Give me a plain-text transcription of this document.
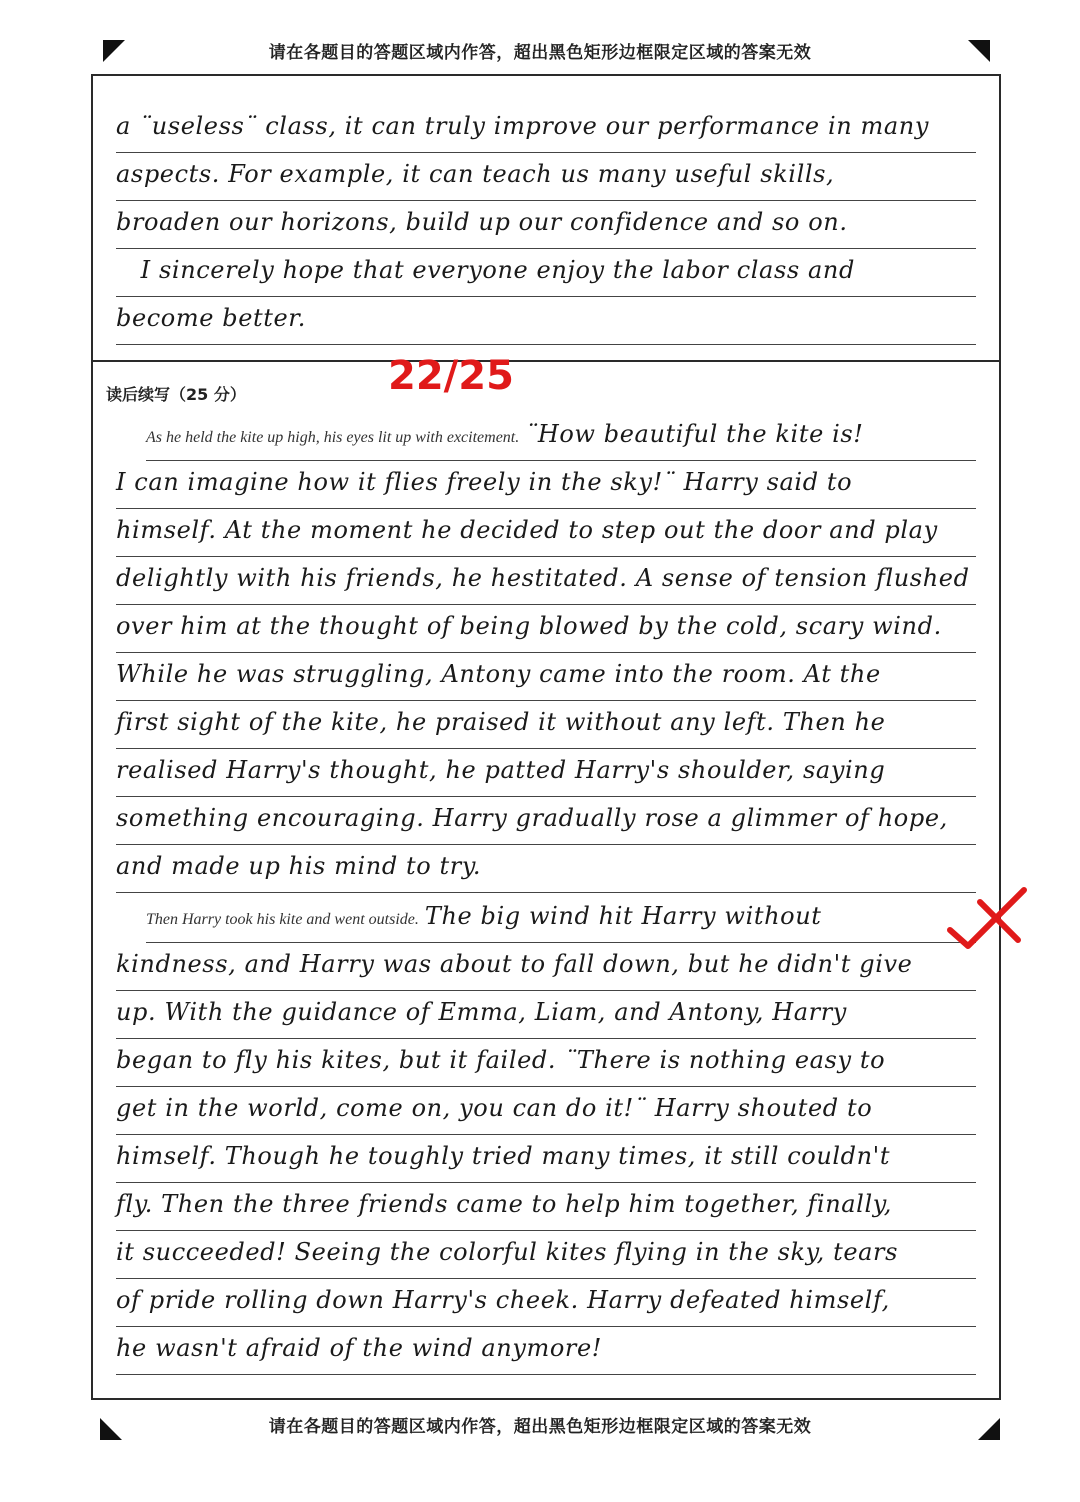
请在各题目的答题区域内作答，超出黑色矩形边框限定区域的答案无效
a ¨useless¨ class, it can truly improve our performance in many
aspects. For example, it can teach us many useful skills,
broaden our horizons, build up our confidence and so on.
I sincerely hope that everyone enjoy the labor class and
become better.
读后续写（25 分）	22/25
As he held the kite up high, his eyes lit up with excitement. ¨How beautiful the kite is!
I can imagine how it flies freely in the sky!¨ Harry said to
himself. At the moment he decided to step out the door and play
delightly with his friends, he hestitated. A sense of tension flushed
over him at the thought of being blowed by the cold, scary wind.
While he was struggling, Antony came into the room. At the
first sight of the kite, he praised it without any left. Then he
realised Harry's thought, he patted Harry's shoulder, saying
something encouraging. Harry gradually rose a glimmer of hope,
and made up his mind to try.
Then Harry took his kite and went outside. The big wind hit Harry without
kindness, and Harry was about to fall down, but he didn't give
up. With the guidance of Emma, Liam, and Antony, Harry
began to fly his kites, but it failed. ¨There is nothing easy to
get in the world, come on, you can do it!¨ Harry shouted to
himself. Though he toughly tried many times, it still couldn't
fly. Then the three friends came to help him together, finally,
it succeeded! Seeing the colorful kites flying in the sky, tears
of pride rolling down Harry's cheek. Harry defeated himself,
he wasn't afraid of the wind anymore!
请在各题目的答题区域内作答，超出黑色矩形边框限定区域的答案无效
